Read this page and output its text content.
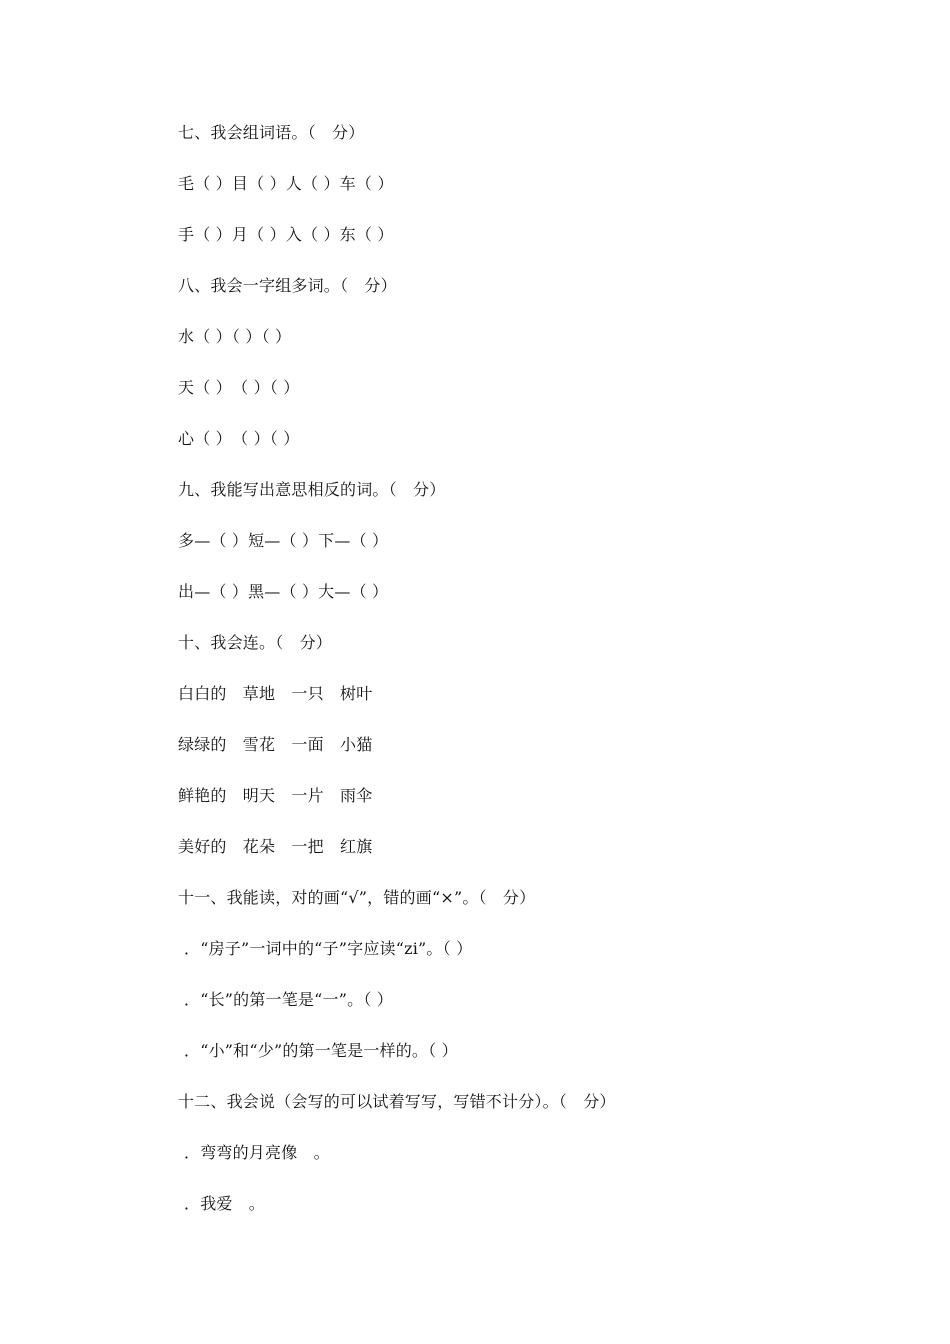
七、我会组词语。（　分）
毛（ ）目（ ）人（ ）车（ ）
手（ ）月（ ）入（ ）东（ ）
八、我会一字组多词。（　分）
水（ ）（ ）（ ）
天（ ）　（ ）（ ）
心（ ）　（ ）（ ）
九、我能写出意思相反的词。（　分）
多—（ ）短—（ ）下—（ ）
出—（ ）黑—（ ）大—（ ）
十、我会连。（　分）
白白的　草地　一只　树叶
绿绿的　雪花　一面　小猫
鲜艳的　明天　一片　雨伞
美好的　花朵　一把　红旗
十一、我能读，对的画“√”，错的画“×”。（　分）
．“房子”一词中的“子”字应读“zi”。（ ）
．“长”的第一笔是“一”。（ ）
．“小”和“少”的第一笔是一样的。（ ）
十二、我会说（会写的可以试着写写，写错不计分）。（　分）
．弯弯的月亮像　。
．我爱　。
